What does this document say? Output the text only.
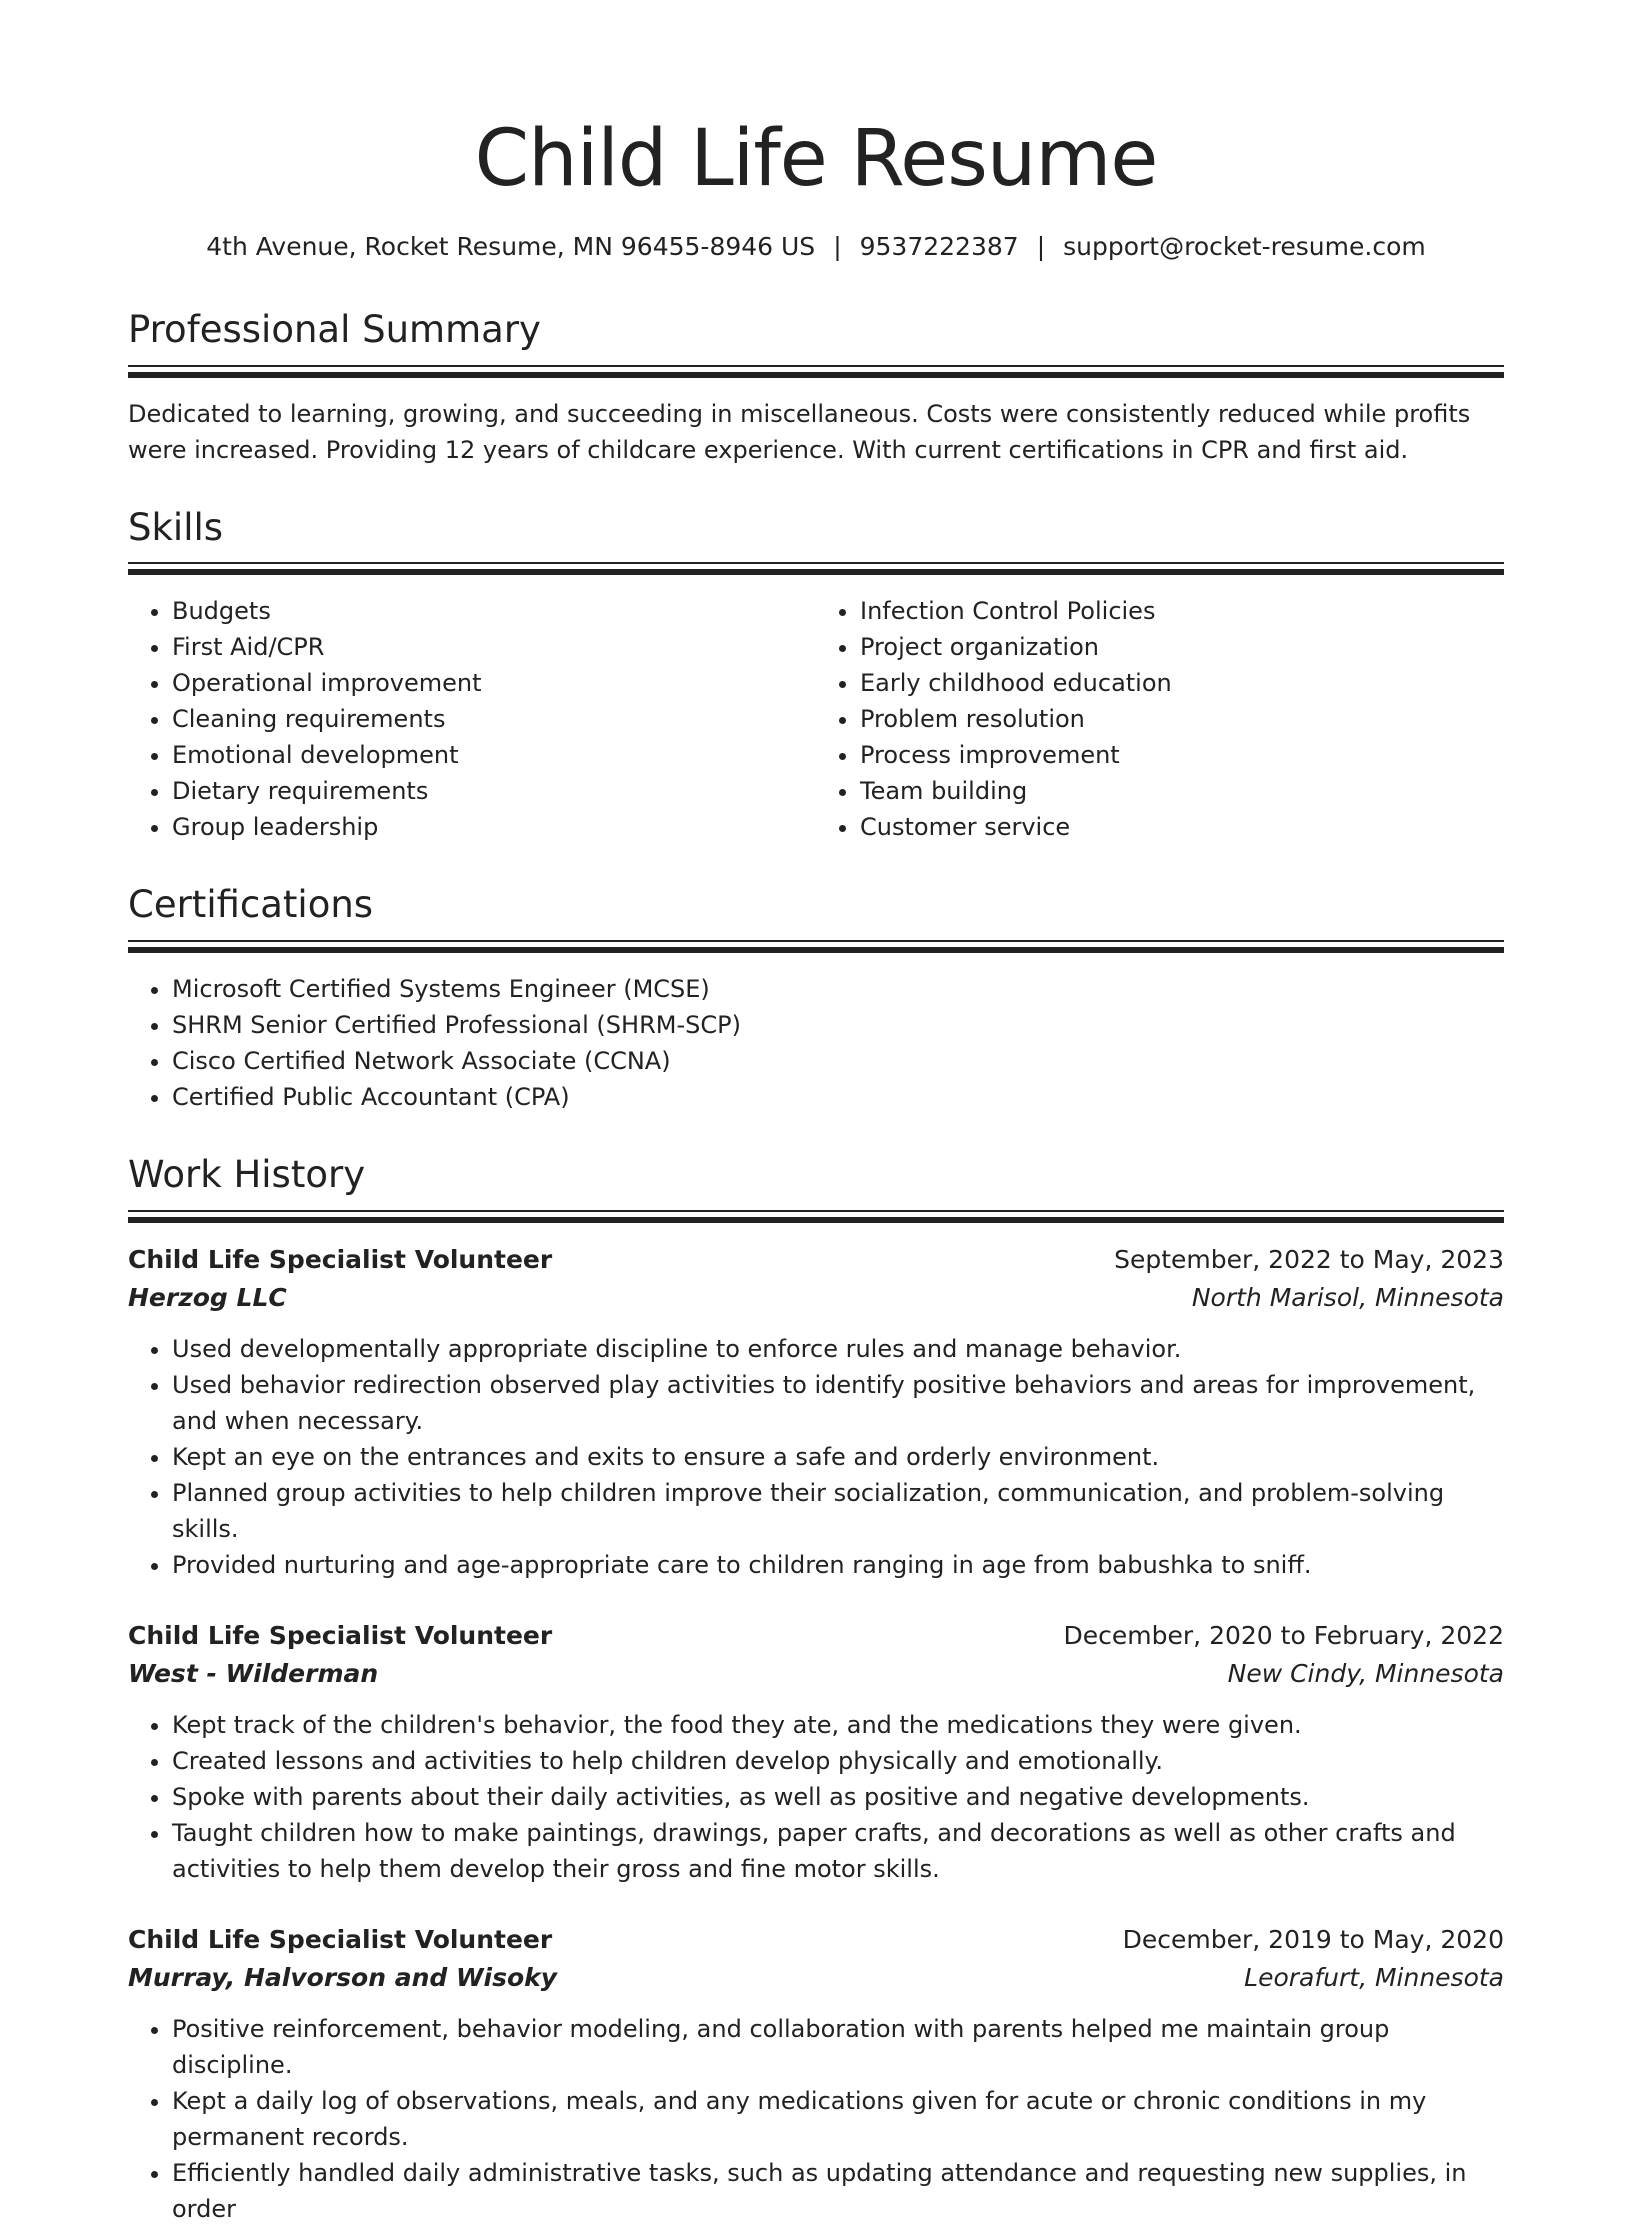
Child Life Resume
4th Avenue, Rocket Resume, MN 96455-8946 US | 9537222387 | support@rocket-resume.com
Professional Summary
Dedicated to learning, growing, and succeeding in miscellaneous. Costs were consistently reduced while profits were increased. Providing 12 years of childcare experience. With current certifications in CPR and first aid.
Skills
• Budgets
• First Aid/CPR
• Operational improvement
• Cleaning requirements
• Emotional development
• Dietary requirements
• Group leadership
• Infection Control Policies
• Project organization
• Early childhood education
• Problem resolution
• Process improvement
• Team building
• Customer service
Certifications
• Microsoft Certified Systems Engineer (MCSE)
• SHRM Senior Certified Professional (SHRM-SCP)
• Cisco Certified Network Associate (CCNA)
• Certified Public Accountant (CPA)
Work History
Child Life Specialist Volunteer	September, 2022 to May, 2023
Herzog LLC	North Marisol, Minnesota
• Used developmentally appropriate discipline to enforce rules and manage behavior.
• Used behavior redirection observed play activities to identify positive behaviors and areas for improvement, and when necessary.
• Kept an eye on the entrances and exits to ensure a safe and orderly environment.
• Planned group activities to help children improve their socialization, communication, and problem-solving skills.
• Provided nurturing and age-appropriate care to children ranging in age from babushka to sniff.
Child Life Specialist Volunteer	December, 2020 to February, 2022
West - Wilderman	New Cindy, Minnesota
• Kept track of the children's behavior, the food they ate, and the medications they were given.
• Created lessons and activities to help children develop physically and emotionally.
• Spoke with parents about their daily activities, as well as positive and negative developments.
• Taught children how to make paintings, drawings, paper crafts, and decorations as well as other crafts and activities to help them develop their gross and fine motor skills.
Child Life Specialist Volunteer	December, 2019 to May, 2020
Murray, Halvorson and Wisoky	Leorafurt, Minnesota
• Positive reinforcement, behavior modeling, and collaboration with parents helped me maintain group discipline.
• Kept a daily log of observations, meals, and any medications given for acute or chronic conditions in my permanent records.
• Efficiently handled daily administrative tasks, such as updating attendance and requesting new supplies, in order
